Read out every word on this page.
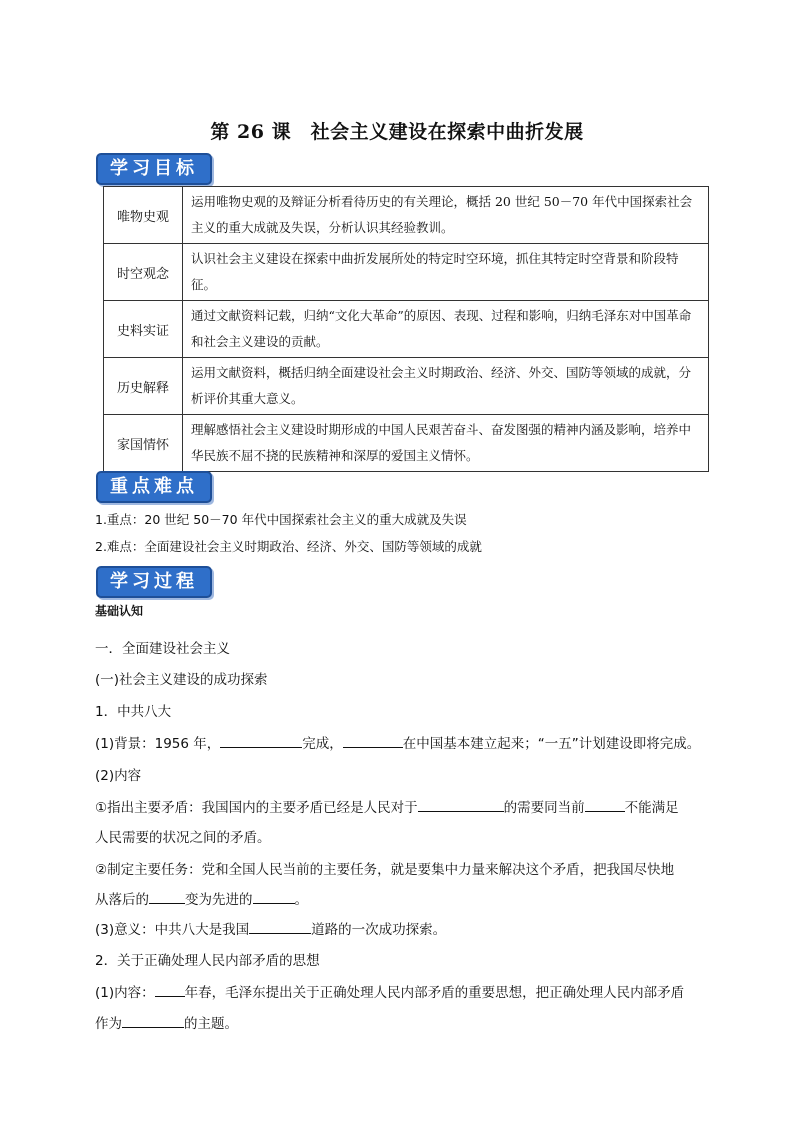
第 26 课　社会主义建设在探索中曲折发展
学习目标
唯物史观	运用唯物史观的及辩证分析看待历史的有关理论，概括 20 世纪 50－70 年代中国探索社会主义的重大成就及失误，分析认识其经验教训。
时空观念	认识社会主义建设在探索中曲折发展所处的特定时空环境，抓住其特定时空背景和阶段特征。
史料实证	通过文献资料记载，归纳“文化大革命”的原因、表现、过程和影响，归纳毛泽东对中国革命和社会主义建设的贡献。
历史解释	运用文献资料，概括归纳全面建设社会主义时期政治、经济、外交、国防等领域的成就，分析评价其重大意义。
家国情怀	理解感悟社会主义建设时期形成的中国人民艰苦奋斗、奋发图强的精神内涵及影响，培养中华民族不屈不挠的民族精神和深厚的爱国主义情怀。
重点难点
1.重点：20 世纪 50－70 年代中国探索社会主义的重大成就及失误
2.难点：全面建设社会主义时期政治、经济、外交、国防等领域的成就
学习过程
基础认知
一．全面建设社会主义
(一)社会主义建设的成功探索
1．中共八大
(1)背景：1956 年，	完成，	在中国基本建立起来；“一五”计划建设即将完成。
(2)内容
①指出主要矛盾：我国国内的主要矛盾已经是人民对于	的需要同当前	不能满足
人民需要的状况之间的矛盾。
②制定主要任务：党和全国人民当前的主要任务，就是要集中力量来解决这个矛盾，把我国尽快地
从落后的	变为先进的	。
(3)意义：中共八大是我国	道路的一次成功探索。
2．关于正确处理人民内部矛盾的思想
(1)内容： 年春，毛泽东提出关于正确处理人民内部矛盾的重要思想，把正确处理人民内部矛盾
作为	的主题。
